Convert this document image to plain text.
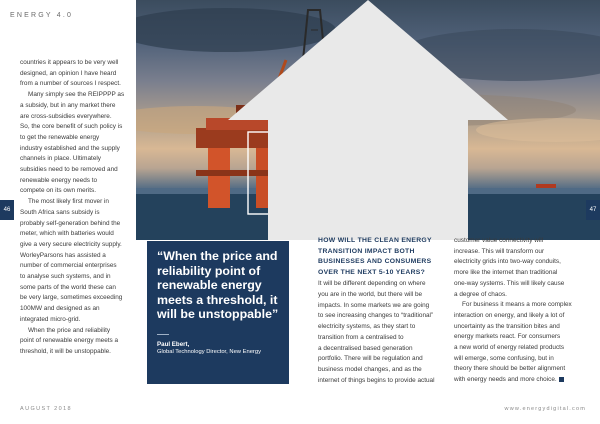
ENERGY 4.0
46	47

countries it appears to be very well

designed, an opinion I have heard

from a number of sources I respect.

Many simply see the REIPPPP as

a subsidy, but in any market there

are cross-subsidies everywhere.

So, the core benefit of such policy is

to get the renewable energy

industry established and the supply

channels in place. Ultimately

subsidies need to be removed and

renewable energy needs to

compete on its own merits.

The most likely first mover in

South Africa sans subsidy is

probably self-generation behind the

meter, which with batteries would

give a very secure electricity supply.

WorleyParsons has assisted a

number of commercial enterprises

to analyse such systems, and in

some parts of the world these can

be very large, sometimes exceeding

100MW and designed as an

integrated micro-grid.

When the price and reliability

point of renewable energy meets a

threshold, it will be unstoppable.

“When the price and reliability point of renewable energy meets a threshold, it will be unstoppable”
Paul Ebert,
Global Technology Director, New Energy
HOW WILL THE CLEAN ENERGY TRANSITION IMPACT BOTH BUSINESSES AND CONSUMERS OVER THE NEXT 5-10 YEARS?

It will be different depending on where

you are in the world, but there will be

impacts. In some markets we are going

to see increasing changes to “traditional”

electricity systems, as they start to

transition from a centralised to

a decentralised based generation

portfolio. There will be regulation and

business model changes, and as the

internet of things begins to provide actual

customer value connectivity will

increase. This will transform our

electricity grids into two-way conduits,

more like the internet than traditional

one-way systems. This will likely cause

a degree of chaos.

For business it means a more complex

interaction on energy, and likely a lot of

uncertainty as the transition bites and

energy markets react. For consumers

a new world of energy related products

will emerge, some confusing, but in

theory there should be better alignment

with energy needs and more choice.

AUGUST 2018	www.energydigital.com
